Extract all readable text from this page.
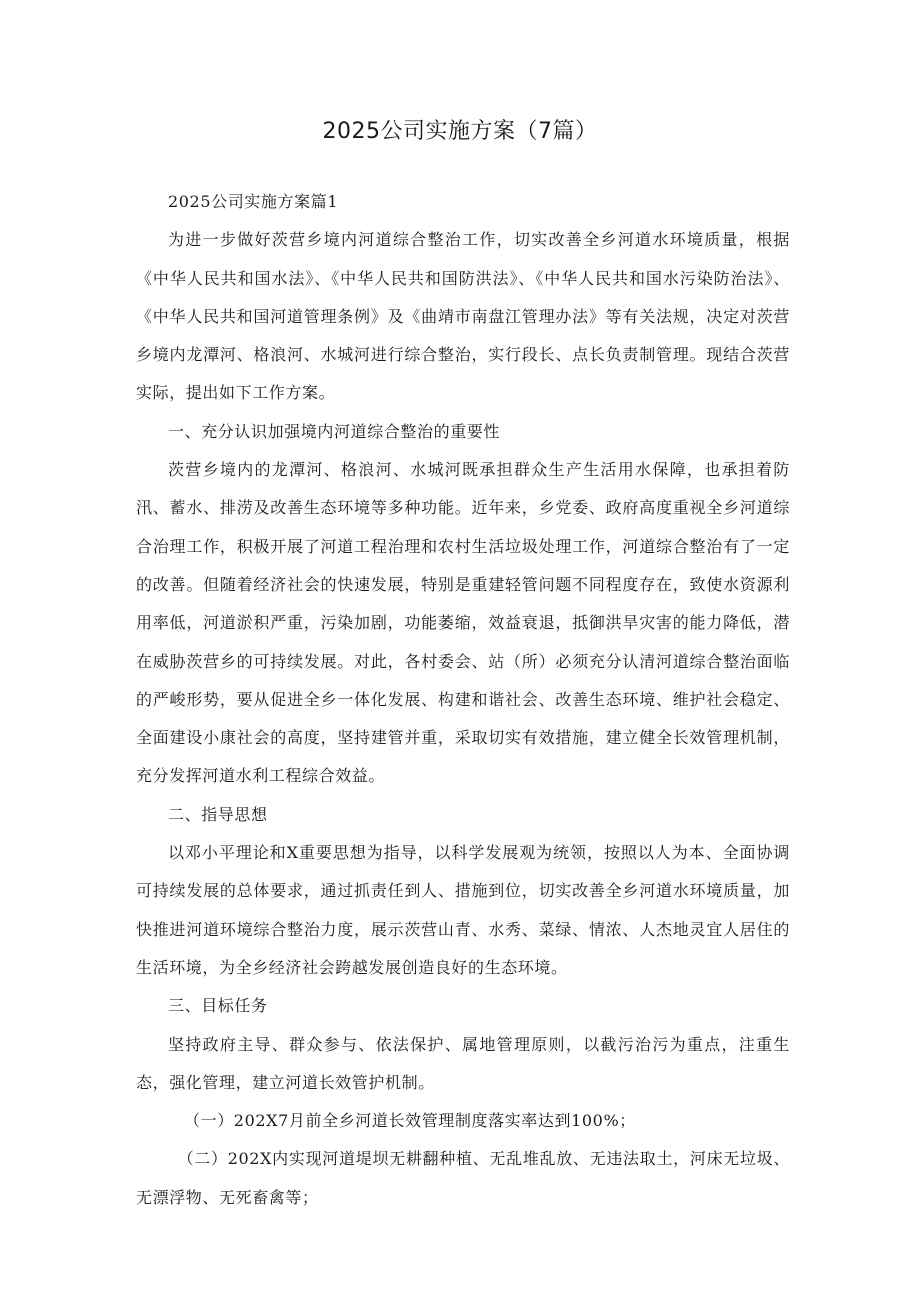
2025公司实施方案（7篇）

2025公司实施方案篇1

为进一步做好茨营乡境内河道综合整治工作，切实改善全乡河道水环境质量，根据《中华人民共和国水法》、《中华人民共和国防洪法》、《中华人民共和国水污染防治法》、《中华人民共和国河道管理条例》及《曲靖市南盘江管理办法》等有关法规，决定对茨营乡境内龙潭河、格浪河、水城河进行综合整治，实行段长、点长负责制管理。现结合茨营实际，提出如下工作方案。

一、充分认识加强境内河道综合整治的重要性

茨营乡境内的龙潭河、格浪河、水城河既承担群众生产生活用水保障，也承担着防汛、蓄水、排涝及改善生态环境等多种功能。近年来，乡党委、政府高度重视全乡河道综合治理工作，积极开展了河道工程治理和农村生活垃圾处理工作，河道综合整治有了一定的改善。但随着经济社会的快速发展，特别是重建轻管问题不同程度存在，致使水资源利用率低，河道淤积严重，污染加剧，功能萎缩，效益衰退，抵御洪旱灾害的能力降低，潜在威胁茨营乡的可持续发展。对此，各村委会、站（所）必须充分认清河道综合整治面临的严峻形势，要从促进全乡一体化发展、构建和谐社会、改善生态环境、维护社会稳定、全面建设小康社会的高度，坚持建管并重，采取切实有效措施，建立健全长效管理机制，充分发挥河道水利工程综合效益。

二、指导思想

以邓小平理论和X重要思想为指导，以科学发展观为统领，按照以人为本、全面协调可持续发展的总体要求，通过抓责任到人、措施到位，切实改善全乡河道水环境质量，加快推进河道环境综合整治力度，展示茨营山青、水秀、菜绿、情浓、人杰地灵宜人居住的生活环境，为全乡经济社会跨越发展创造良好的生态环境。

三、目标任务

坚持政府主导、群众参与、依法保护、属地管理原则，以截污治污为重点，注重生态，强化管理，建立河道长效管护机制。

（一）202X7月前全乡河道长效管理制度落实率达到100%；

（二）202X内实现河道堤坝无耕翻种植、无乱堆乱放、无违法取土，河床无垃圾、无漂浮物、无死畜禽等；
